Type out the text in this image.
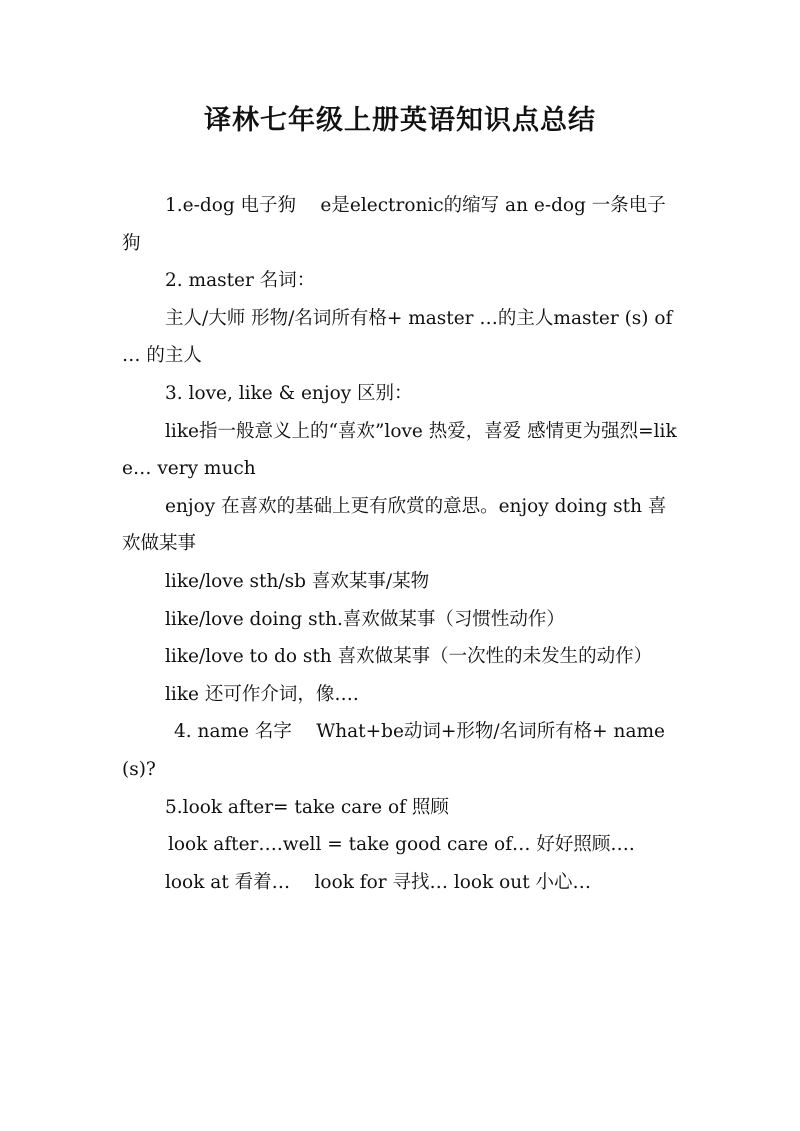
译林七年级上册英语知识点总结

1.e-dog 电子狗　 e是electronic的缩写 an e-dog 一条电子狗

2. master 名词：

主人/大师 形物/名词所有格+ master …的主人master (s) of … 的主人

3. love, like & enjoy 区别：

like指一般意义上的“喜欢”love 热爱，喜爱 感情更为强烈=like… very much

enjoy 在喜欢的基础上更有欣赏的意思。enjoy doing sth 喜欢做某事

like/love sth/sb 喜欢某事/某物

like/love doing sth.喜欢做某事（习惯性动作）

like/love to do sth 喜欢做某事（一次性的未发生的动作）

like 还可作介词，像….

4. name 名字　 What+be动词+形物/名词所有格+ name(s)?

5.look after= take care of 照顾

look after….well = take good care of… 好好照顾….

look at 看着…　 look for 寻找… look out 小心…
